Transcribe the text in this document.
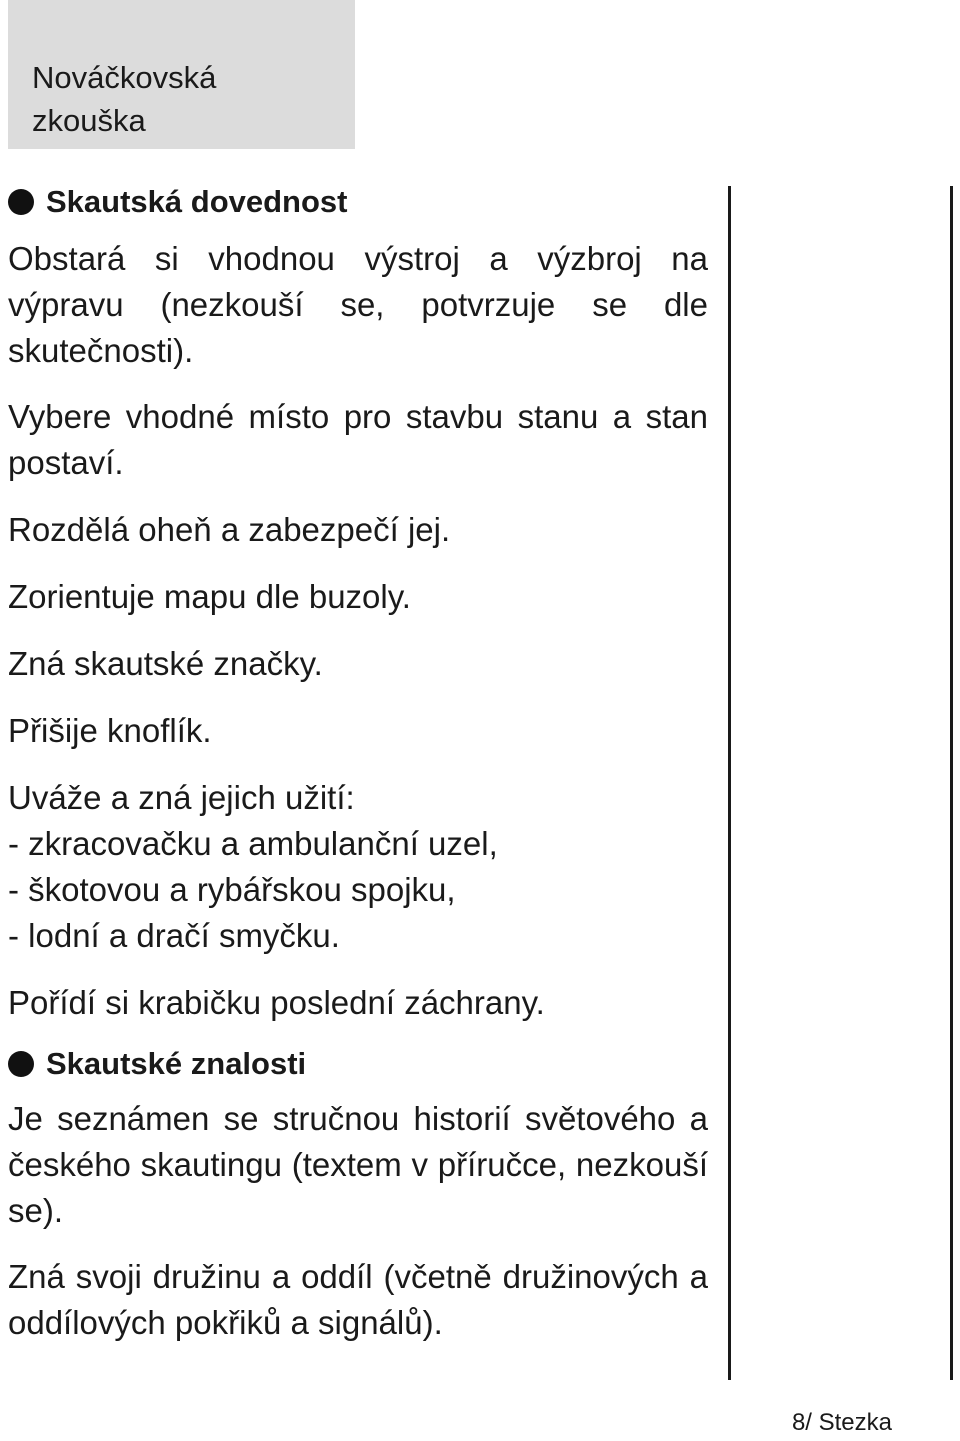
Nováčkovská zkouška
Skautská dovednost

Obstará si vhodnou výstroj a výzbroj na výpravu (nezkouší se, potvrzuje se dle skutečnosti).

Vybere vhodné místo pro stavbu stanu a stan postaví.

Rozdělá oheň a zabezpečí jej.

Zorientuje mapu dle buzoly.

Zná skautské značky.

Přišije knoflík.

Uváže a zná jejich užití:

- zkracovačku a ambulanční uzel,

- škotovou a rybářskou spojku,

- lodní a dračí smyčku.

Pořídí si krabičku poslední záchrany.

Skautské znalosti

Je seznámen se stručnou historií světového a českého skautingu (textem v příručce, nezkouší se).

Zná svoji družinu a oddíl (včetně družinových a oddílových pokřiků a signálů).

8/ Stezka
